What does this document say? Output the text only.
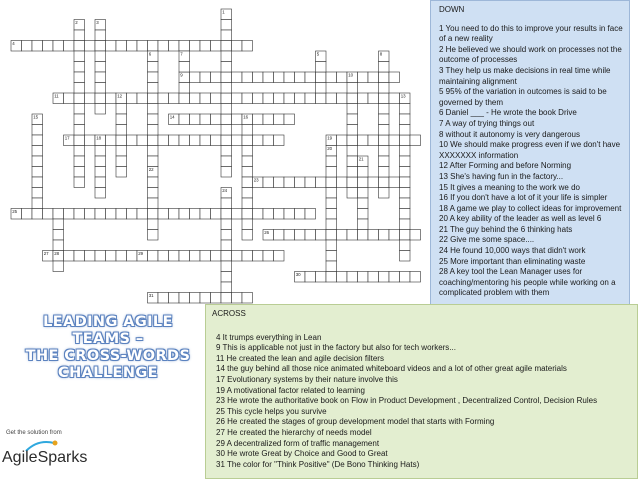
1
2	3
4
5
6	7	8
9	10
11	12	13
14
15	16
17	18	19
20
21
22
23
24
25
26
27 28	29
30
31
DOWN
1 You need to do this to improve your results in face of a new reality
2 He believed we should work on processes not the outcome of processes
3 They help us make decisions in real time while maintaining alignment
5 95% of the variation in outcomes is said to be governed by them
6 Daniel ___ - He wrote the book Drive
7 A way of trying things out
8 without it autonomy is very dangerous
10 We should make progress even if we don't have XXXXXXX information
12 After Forming and before Norming
13 She's having fun in the factory...
15 It gives a meaning to the work we do
16 If you don't have a lot of it your life is simpler
18 A game we play to collect ideas for improvement
20 A key ability of the leader as well as level 6
21 The guy behind the 6 thinking hats
22 Give me some space....
24 He found 10,000 ways that didn't work
25 More important than eliminating waste
28 A key tool the Lean Manager uses for coaching/mentoring his people while working on a complicated problem with them
LEADING AGILE TEAMS –
THE CROSS-WORDS
CHALLENGE
Get the solution from
AgileSparks
ACROSS
4 It trumps everything in Lean
9 This is applicable not just in the factory but also for tech workers...
11 He created the lean and agile decision filters
14 the guy behind all those nice animated whiteboard videos and a lot of other great agile materials
17 Evolutionary systems by their nature involve this
19 A motivational factor related to learning
23 He wrote the authoritative book on Flow in Product Development , Decentralized Control, Decision Rules
25 This cycle helps you survive
26 He created the stages of group development model that starts with Forming
27 He created the hierarchy of needs model
29 A decentralized form of traffic management
30 He wrote Great by Choice and Good to Great
31 The color for "Think Positive" (De Bono Thinking Hats)
